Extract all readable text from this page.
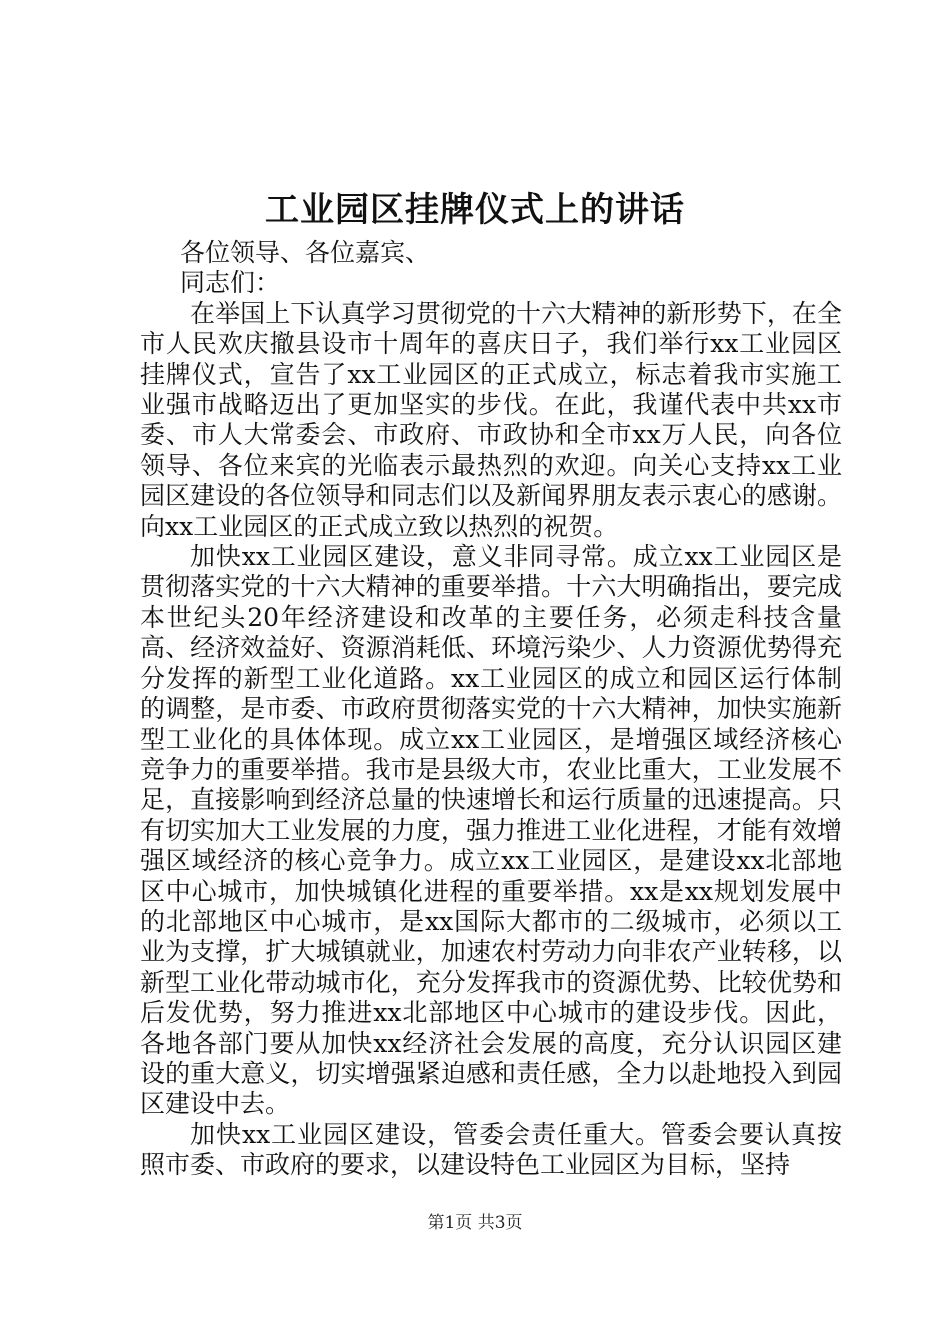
工业园区挂牌仪式上的讲话

各位领导、各位嘉宾、

同志们：

在举国上下认真学习贯彻党的十六大精神的新形势下，在全市人民欢庆撤县设市十周年的喜庆日子，我们举行xx工业园区挂牌仪式，宣告了xx工业园区的正式成立，标志着我市实施工业强市战略迈出了更加坚实的步伐。在此，我谨代表中共xx市委、市人大常委会、市政府、市政协和全市xx万人民，向各位领导、各位来宾的光临表示最热烈的欢迎。向关心支持xx工业园区建设的各位领导和同志们以及新闻界朋友表示衷心的感谢。向xx工业园区的正式成立致以热烈的祝贺。

加快xx工业园区建设，意义非同寻常。成立xx工业园区是贯彻落实党的十六大精神的重要举措。十六大明确指出，要完成本世纪头20年经济建设和改革的主要任务，必须走科技含量高、经济效益好、资源消耗低、环境污染少、人力资源优势得充分发挥的新型工业化道路。xx工业园区的成立和园区运行体制的调整，是市委、市政府贯彻落实党的十六大精神，加快实施新型工业化的具体体现。成立xx工业园区，是增强区域经济核心竞争力的重要举措。我市是县级大市，农业比重大，工业发展不足，直接影响到经济总量的快速增长和运行质量的迅速提高。只有切实加大工业发展的力度，强力推进工业化进程，才能有效增强区域经济的核心竞争力。成立xx工业园区，是建设xx北部地区中心城市，加快城镇化进程的重要举措。xx是xx规划发展中的北部地区中心城市，是xx国际大都市的二级城市，必须以工业为支撑，扩大城镇就业，加速农村劳动力向非农产业转移，以新型工业化带动城市化，充分发挥我市的资源优势、比较优势和后发优势，努力推进xx北部地区中心城市的建设步伐。因此，各地各部门要从加快xx经济社会发展的高度，充分认识园区建设的重大意义，切实增强紧迫感和责任感，全力以赴地投入到园区建设中去。

加快xx工业园区建设，管委会责任重大。管委会要认真按照市委、市政府的要求，以建设特色工业园区为目标，坚持

第1页 共3页
